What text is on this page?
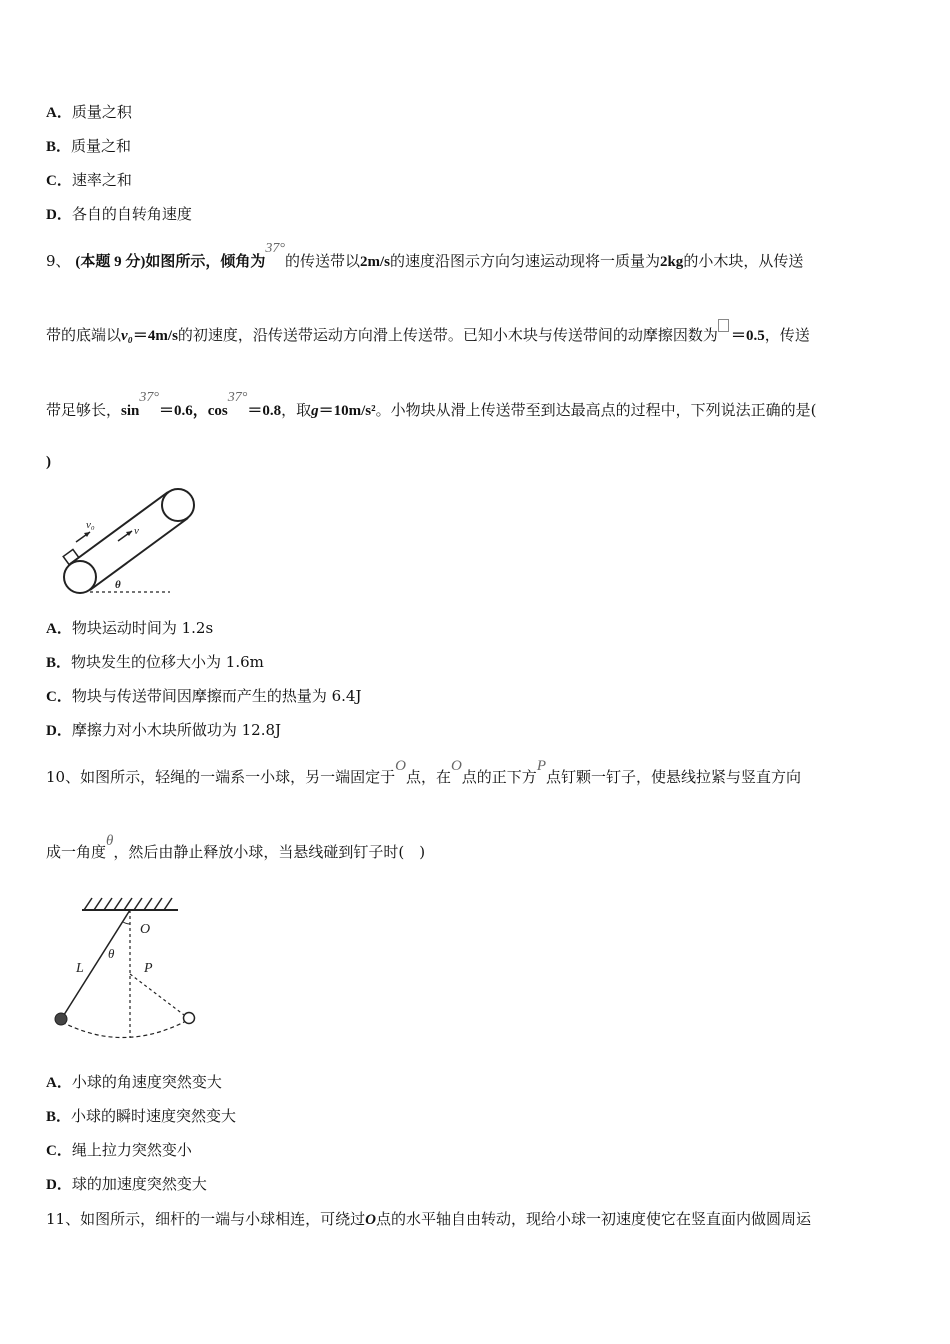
A．质量之积
B．质量之和
C．速率之和
D．各自的自转角速度
9、 (本题 9 分)如图所示，倾角为37°的传送带以2m/s的速度沿图示方向匀速运动现将一质量为2kg的小木块，从传送
带的底端以v₀＝4m/s的初速度，沿传送带运动方向滑上传送带。已知小木块与传送带间的动摩擦因数为 ＝0.5，传送
带足够长，sin37°＝0.6，cos37°＝0.8，取g＝10m/s²。小物块从滑上传送带至到达最高点的过程中，下列说法正确的是(
)
v₀	v
θ
A．物块运动时间为 1.2s
B．物块发生的位移大小为 1.6m
C．物块与传送带间因摩擦而产生的热量为 6.4J
D．摩擦力对小木块所做功为 12.8J
10、如图所示，轻绳的一端系一小球，另一端固定于O点，在O点的正下方P点钉颗一钉子，使悬线拉紧与竖直方向
成一角度θ，然后由静止释放小球，当悬线碰到钉子时(　)
O
L
θ
P
A．小球的角速度突然变大
B．小球的瞬时速度突然变大
C．绳上拉力突然变小
D．球的加速度突然变大
11、如图所示，细杆的一端与小球相连，可绕过O点的水平轴自由转动，现给小球一初速度使它在竖直面内做圆周运
